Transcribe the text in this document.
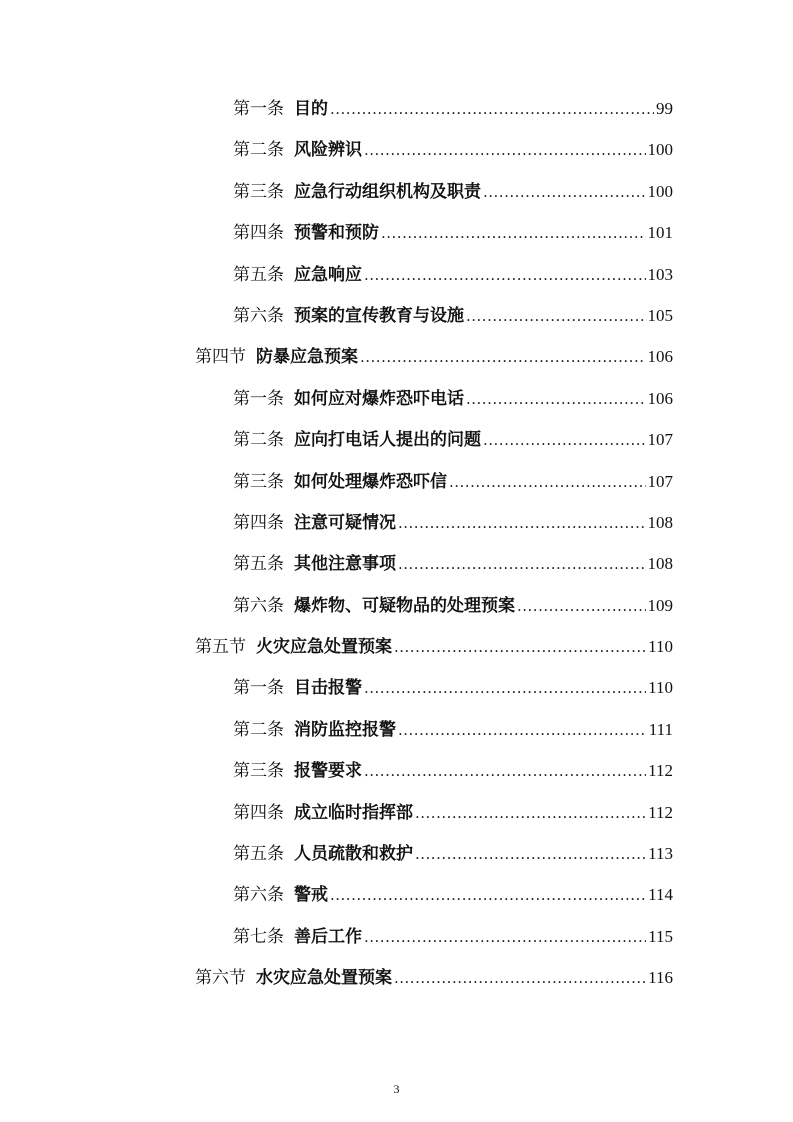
第一条 目的 .....	99
第二条 风险辨识 .....	100
第三条 应急行动组织机构及职责 .....	100
第四条 预警和预防 .....	101
第五条 应急响应 .....	103
第六条 预案的宣传教育与设施 .....	105
第四节 防暴应急预案 .....	106
第一条 如何应对爆炸恐吓电话 .....	106
第二条 应向打电话人提出的问题 .....	107
第三条 如何处理爆炸恐吓信 .....	107
第四条 注意可疑情况 .....	108
第五条 其他注意事项 .....	108
第六条 爆炸物、可疑物品的处理预案 .....	109
第五节 火灾应急处置预案 .....	110
第一条 目击报警 .....	110
第二条 消防监控报警 .....	111
第三条 报警要求 .....	112
第四条 成立临时指挥部 .....	112
第五条 人员疏散和救护 .....	113
第六条 警戒 .....	114
第七条 善后工作 .....	115
第六节 水灾应急处置预案 .....	116
3
